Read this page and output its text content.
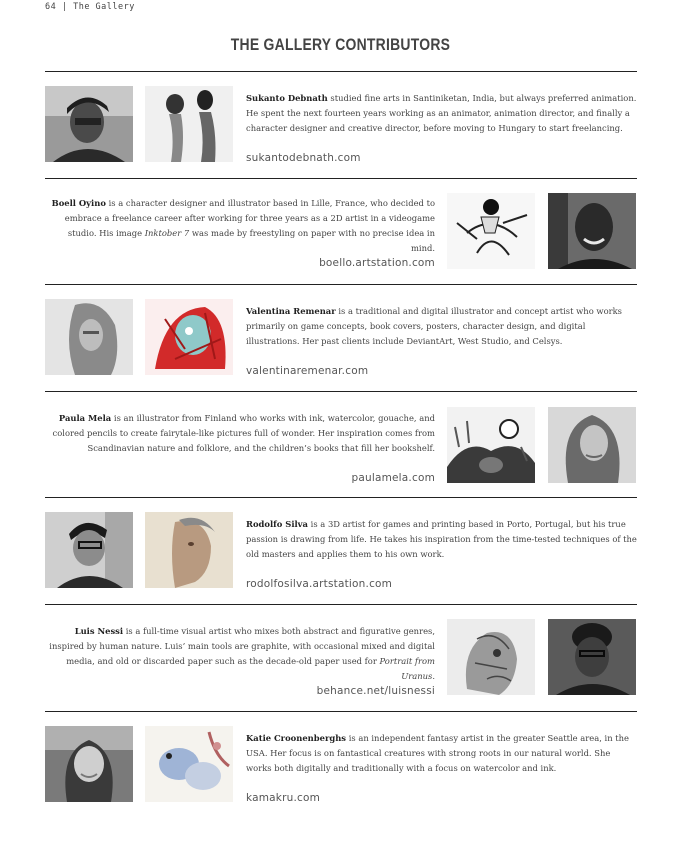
64 | The Gallery
THE GALLERY CONTRIBUTORS
Sukanto Debnath studied fine arts in Santiniketan, India, but always preferred animation. He spent the next fourteen years working as an animator, animation director, and finally a character designer and creative director, before moving to Hungary to start freelancing.
sukantodebnath.com
Boell Oyino is a character designer and illustrator based in Lille, France, who decided to embrace a freelance career after working for three years as a 2D artist in a videogame studio. His image Inktober 7 was made by freestyling on paper with no precise idea in mind.
boello.artstation.com
Valentina Remenar is a traditional and digital illustrator and concept artist who works primarily on game concepts, book covers, posters, character design, and digital illustrations. Her past clients include DeviantArt, West Studio, and Celsys.
valentinaremenar.com
Paula Mela is an illustrator from Finland who works with ink, watercolor, gouache, and colored pencils to create fairytale-like pictures full of wonder. Her inspiration comes from Scandinavian nature and folklore, and the children’s books that fill her bookshelf.
paulamela.com
Rodolfo Silva is a 3D artist for games and printing based in Porto, Portugal, but his true passion is drawing from life. He takes his inspiration from the time-tested techniques of the old masters and applies them to his own work.
rodolfosilva.artstation.com
Luis Nessi is a full-time visual artist who mixes both abstract and figurative genres, inspired by human nature. Luis’ main tools are graphite, with occasional mixed and digital media, and old or discarded paper such as the decade-old paper used for Portrait from Uranus.
behance.net/luisnessi
Katie Croonenberghs is an independent fantasy artist in the greater Seattle area, in the USA. Her focus is on fantastical creatures with strong roots in our natural world. She works both digitally and traditionally with a focus on watercolor and ink.
kamakru.com
